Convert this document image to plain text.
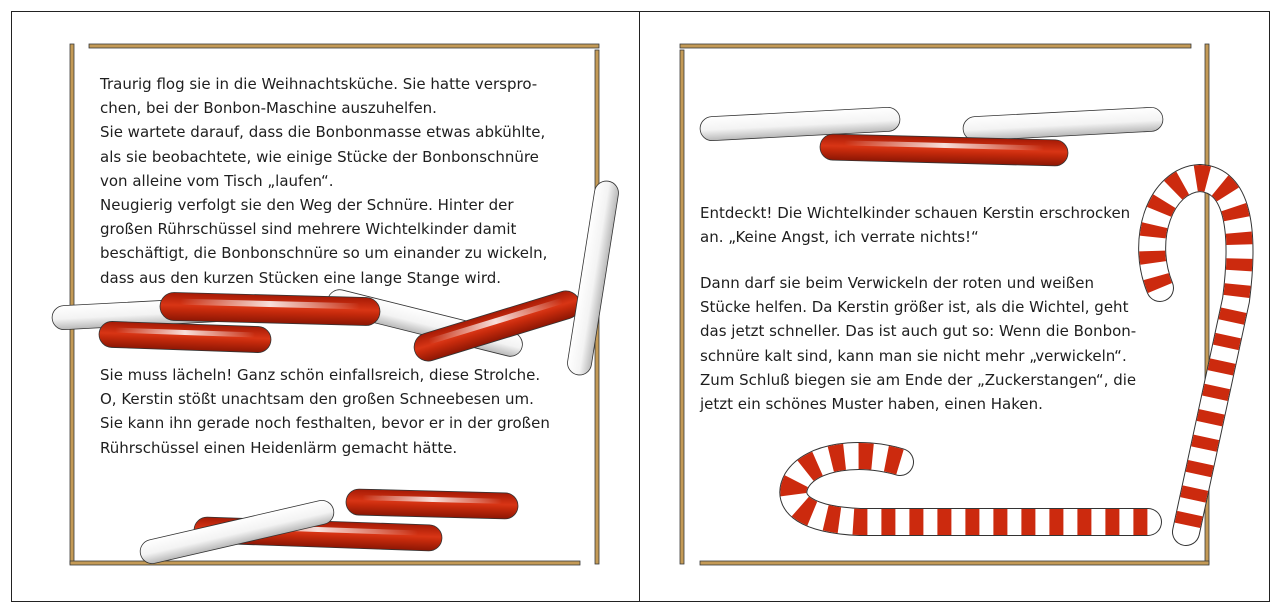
Traurig flog sie in die Weihnachtsküche. Sie hatte verspro-
chen, bei der Bonbon-Maschine auszuhelfen.
Sie wartete darauf, dass die Bonbonmasse etwas abkühlte,
als sie beobachtete, wie einige Stücke der Bonbonschnüre
von alleine vom Tisch „laufen“.
Neugierig verfolgt sie den Weg der Schnüre. Hinter der
großen Rührschüssel sind mehrere Wichtelkinder damit
beschäftigt, die Bonbonschnüre so um einander zu wickeln,
dass aus den kurzen Stücken eine lange Stange wird.
Sie muss lächeln! Ganz schön einfallsreich, diese Strolche.
O, Kerstin stößt unachtsam den großen Schneebesen um.
Sie kann ihn gerade noch festhalten, bevor er in der großen
Rührschüssel einen Heidenlärm gemacht hätte.
Entdeckt! Die Wichtelkinder schauen Kerstin erschrocken
an. „Keine Angst, ich verrate nichts!“
Dann darf sie beim Verwickeln der roten und weißen
Stücke helfen. Da Kerstin größer ist, als die Wichtel, geht
das jetzt schneller. Das ist auch gut so: Wenn die Bonbon-
schnüre kalt sind, kann man sie nicht mehr „verwickeln“.
Zum Schluß biegen sie am Ende der „Zuckerstangen“, die
jetzt ein schönes Muster haben, einen Haken.
